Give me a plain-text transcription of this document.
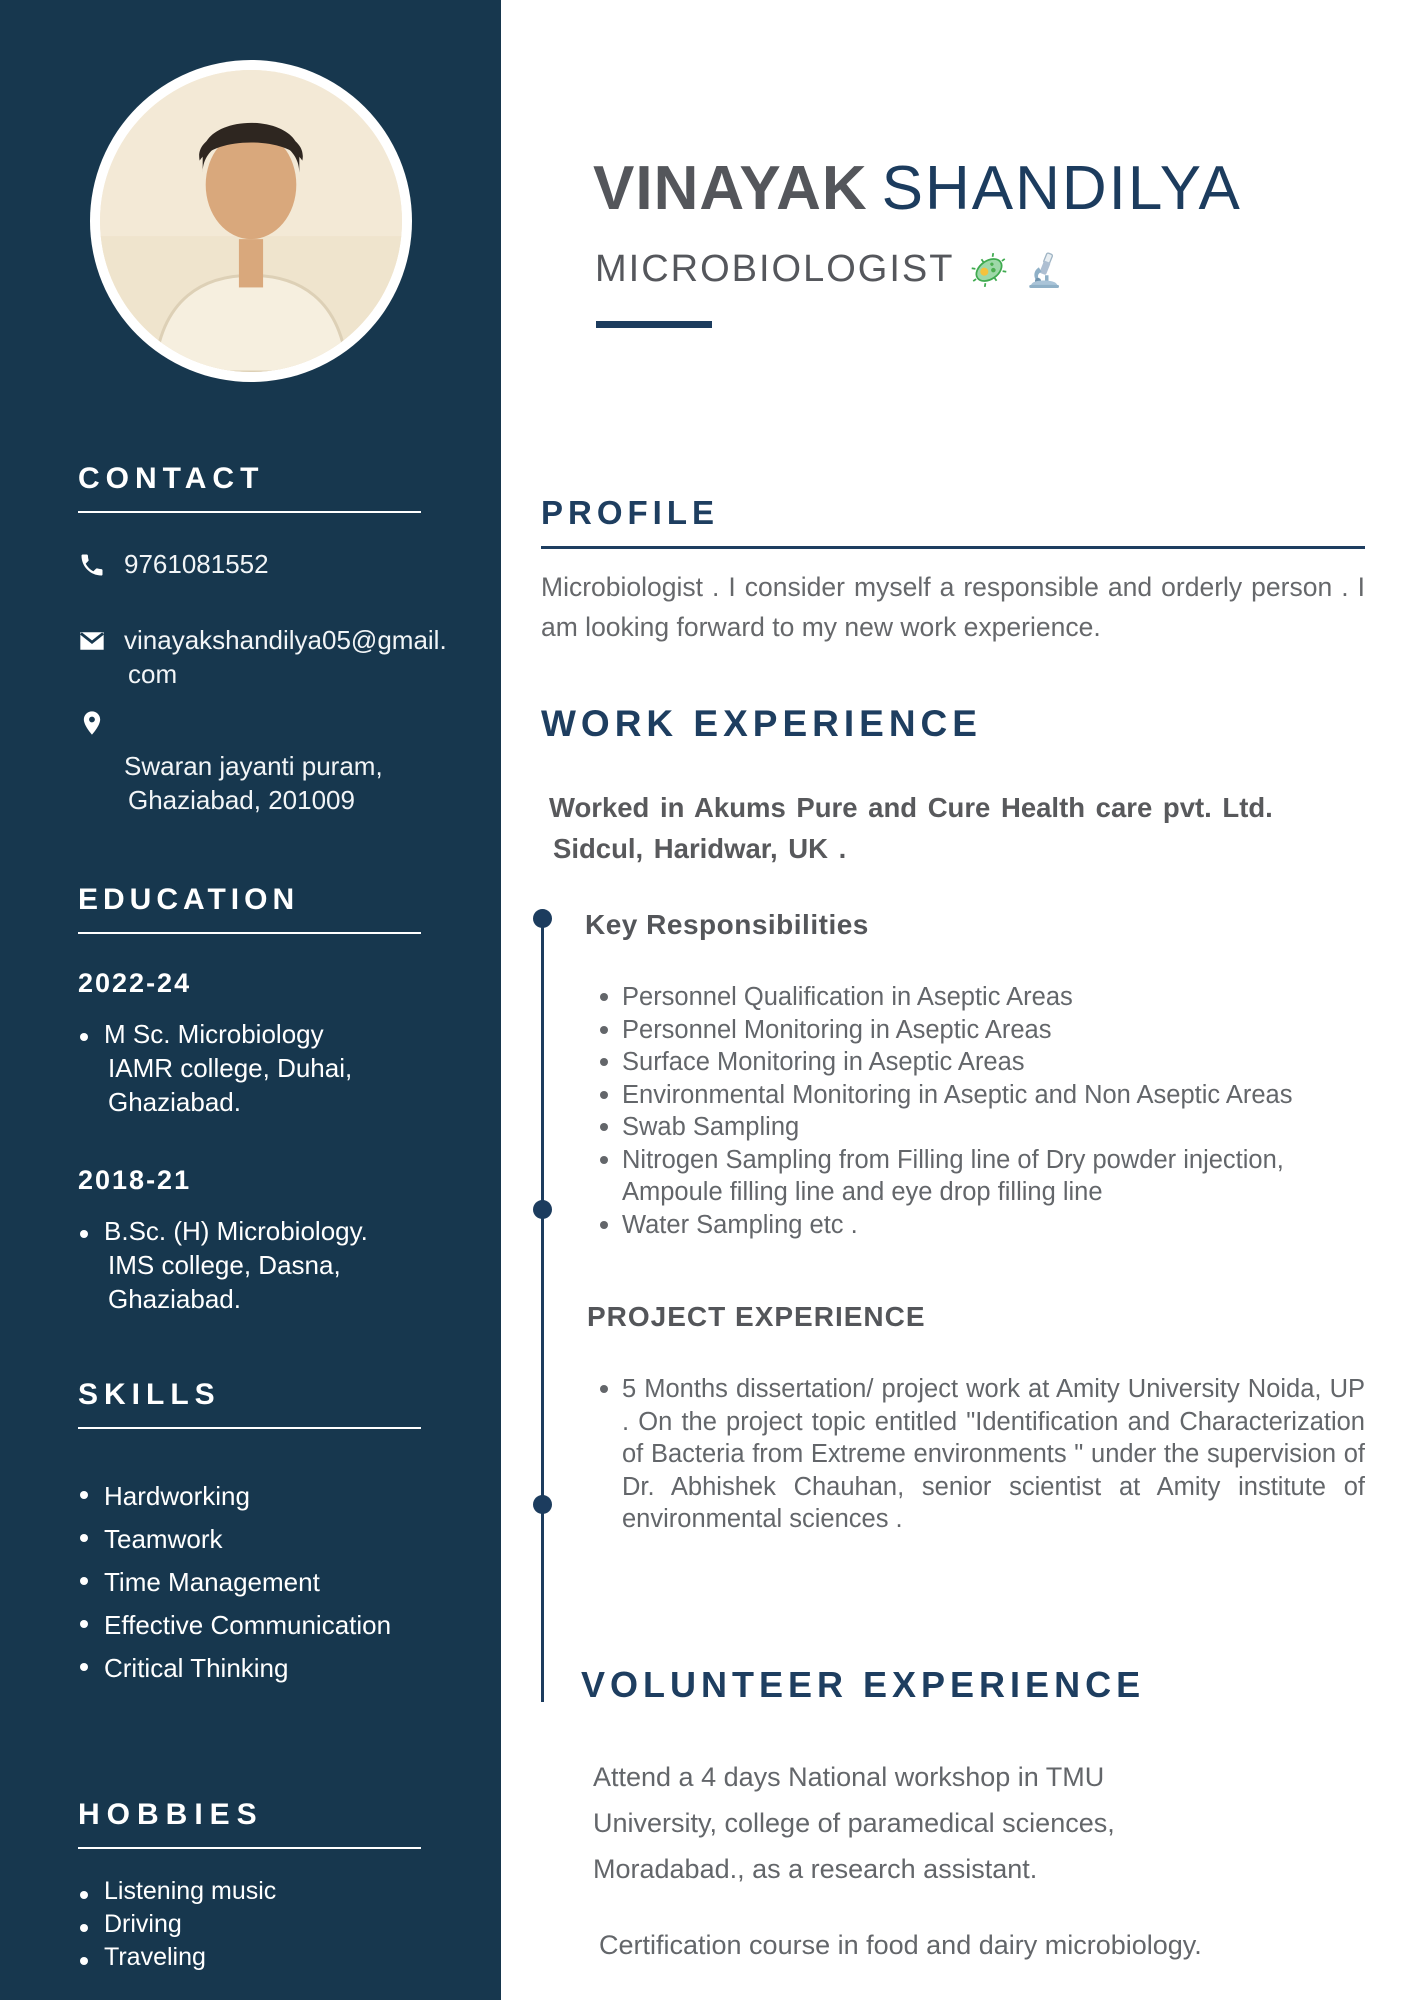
CONTACT
9761081552
vinayakshandilya05@gmail.
com
Swaran jayanti puram,
Ghaziabad, 201009
EDUCATION
2022-24
M Sc. Microbiology
IAMR college, Duhai,
Ghaziabad.
2018-21
B.Sc. (H) Microbiology.
IMS college, Dasna,
Ghaziabad.
SKILLS
Hardworking
Teamwork
Time Management
Effective Communication
Critical Thinking
HOBBIES
Listening music
Driving
Traveling
VINAYAK SHANDILYA
MICROBIOLOGIST
PROFILE

Microbiologist . I consider myself a responsible and orderly person . I am looking forward to my new work experience.

WORK EXPERIENCE
Worked in Akums Pure and Cure Health care pvt. Ltd.
Sidcul, Haridwar, UK .
Key Responsibilities
Personnel Qualification in Aseptic Areas
Personnel Monitoring in Aseptic Areas
Surface Monitoring in Aseptic Areas
Environmental Monitoring in Aseptic and Non Aseptic Areas
Swab Sampling
Nitrogen Sampling from Filling line of Dry powder injection, Ampoule filling line and eye drop filling line
Water Sampling etc .
PROJECT EXPERIENCE
5 Months dissertation/ project work at Amity University Noida, UP . On the project topic entitled "Identification and Characterization of Bacteria from Extreme environments " under the supervision of Dr. Abhishek Chauhan, senior scientist at Amity institute of environmental sciences .
VOLUNTEER EXPERIENCE

Attend a 4 days National workshop in TMU University, college of paramedical sciences, Moradabad., as a research assistant.

Certification course in food and dairy microbiology.
